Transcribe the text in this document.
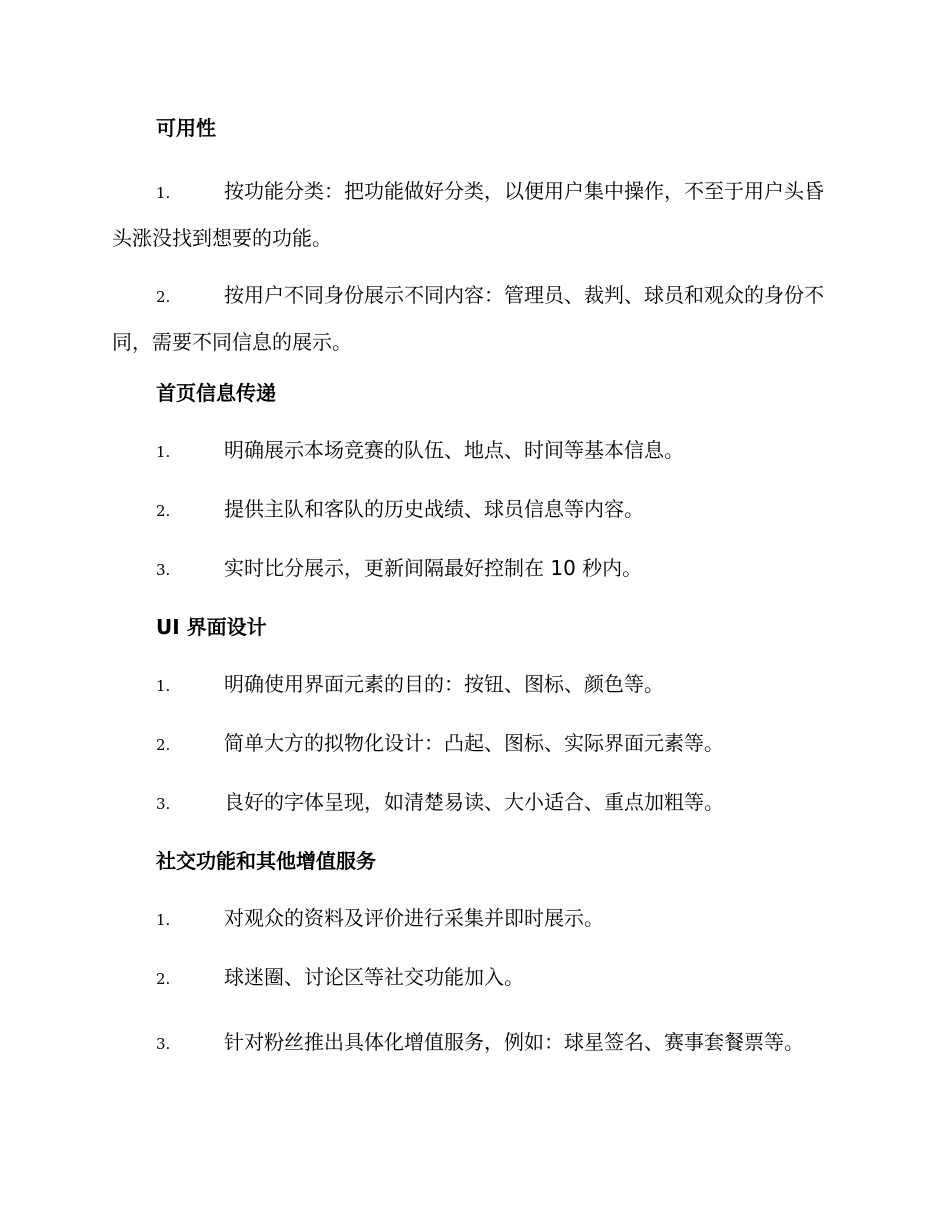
可用性

1.	按功能分类：把功能做好分类，以便用户集中操作，不至于用户头昏头涨没找到想要的功能。

2.	按用户不同身份展示不同内容：管理员、裁判、球员和观众的身份不同，需要不同信息的展示。

首页信息传递

1.	明确展示本场竞赛的队伍、地点、时间等基本信息。

2.	提供主队和客队的历史战绩、球员信息等内容。

3.	实时比分展示，更新间隔最好控制在 10 秒内。

UI 界面设计

1.	明确使用界面元素的目的：按钮、图标、颜色等。

2.	简单大方的拟物化设计：凸起、图标、实际界面元素等。

3.	良好的字体呈现，如清楚易读、大小适合、重点加粗等。

社交功能和其他增值服务

1.	对观众的资料及评价进行采集并即时展示。

2.	球迷圈、讨论区等社交功能加入。

3.	针对粉丝推出具体化增值服务，例如：球星签名、赛事套餐票等。
